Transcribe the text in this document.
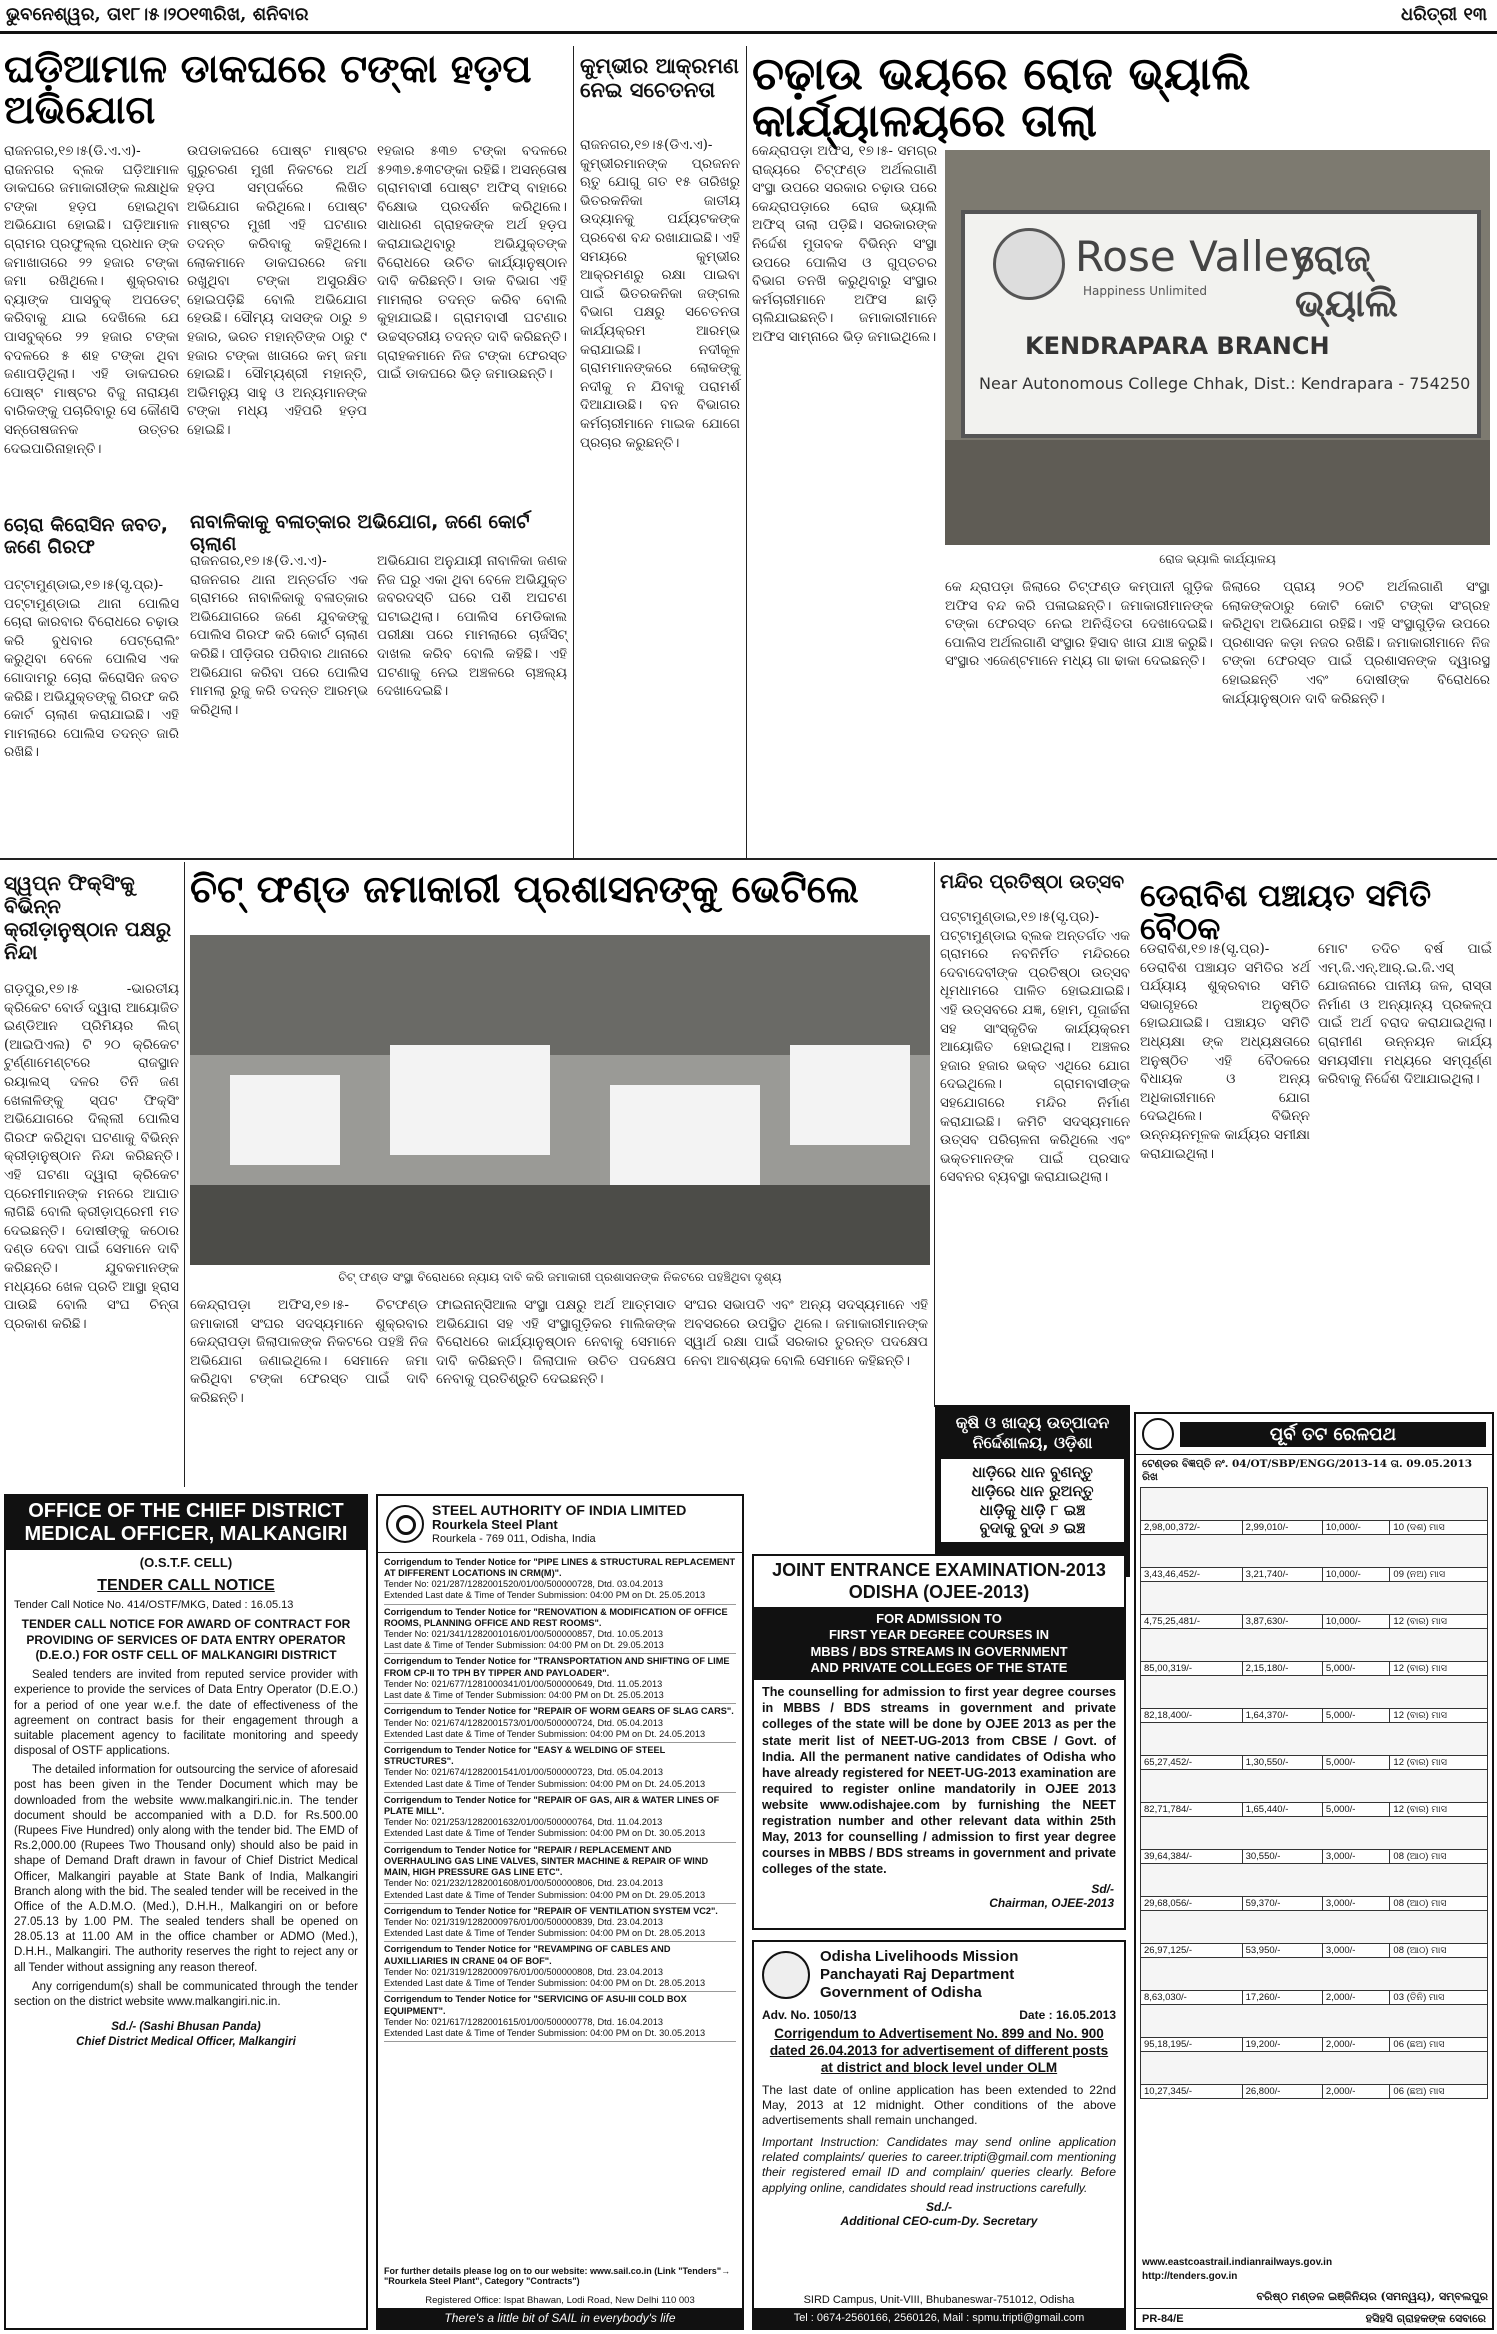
ଭୁବନେଶ୍ୱର, ତା୧୮।୫।୨୦୧୩ରିଖ, ଶନିବାର	ଧରିତ୍ରୀ ୧୩
ଘଡ଼ିଆମାଳ ଡାକଘରେ ଟଙ୍କା ହଡ଼ପ ଅଭିଯୋଗ
ରାଜନଗର,୧୭।୫(ଡି.ଏ.ଏ)- ରାଜନଗର ବ୍ଲକ ଘଡ଼ିଆମାଳ ଡାକଘରେ ଜମାକାରୀଙ୍କ ଲକ୍ଷାଧିକ ଟଙ୍କା ହଡ଼ପ ହୋଇଥିବା ଅଭିଯୋଗ ହୋଇଛି। ଘଡ଼ିଆମାଳ ଗ୍ରାମର ପ୍ରଫୁଲ୍ଲ ପ୍ରଧାନ ଙ୍କ ଜମାଖାତାରେ ୨୨ ହଜାର ଟଙ୍କା ଜମା ରଖିଥିଲେ। ଶୁକ୍ରବାର ବ୍ୟାଙ୍କ ପାସବୁକ୍ ଅପଡେଟ୍ କରିବାକୁ ଯାଇ ଦେଖିଲେ ଯେ ପାସବୁକ୍ରେ ୨୨ ହଜାର ଟଙ୍କା ବଦଳରେ ୫ ଶହ ଟଙ୍କା ଥିବା ଜଣାପଡ଼ିଥିଲା। ଏହି ଡାକଘରର ପୋଷ୍ଟ ମାଷ୍ଟର ବିଜୁ ନାରାୟଣ ବାରିକଙ୍କୁ ପଚାରିବାରୁ ସେ କୌଣସି ସନ୍ତୋଷଜନକ ଉତ୍ତର ଦେଇପାରିନାହାନ୍ତି।
ଉପଡାକଘରେ ପୋଷ୍ଟ ମାଷ୍ଟର ଗୁରୁଚରଣ ମୁଖୀ ନିକଟରେ ଅର୍ଥ ହଡ଼ପ ସମ୍ପର୍କରେ ଲିଖିତ ଅଭିଯୋଗ କରିଥିଲେ। ପୋଷ୍ଟ ମାଷ୍ଟର ମୁଖୀ ଏହି ଘଟଣାର ତଦନ୍ତ କରିବାକୁ କହିଥିଲେ। ଲୋକମାନେ ଡାକଘରରେ ଜମା ରଖୁଥିବା ଟଙ୍କା ଅସୁରକ୍ଷିତ ହୋଇପଡ଼ିଛି ବୋଲି ଅଭିଯୋଗ ହେଉଛି। ସୌମ୍ୟ ଦାସଙ୍କ ଠାରୁ ୭ ହଜାର, ଭରତ ମହାନ୍ତିଙ୍କ ଠାରୁ ୯ ହଜାର ଟଙ୍କା ଖାତାରେ କମ୍ ଜମା ହୋଇଛି। ସୌମ୍ୟଶ୍ରୀ ମହାନ୍ତି, ଅଭିମନ୍ୟୁ ସାହୁ ଓ ଅନ୍ୟମାନଙ୍କ ଟଙ୍କା ମଧ୍ୟ ଏହିପରି ହଡ଼ପ ହୋଇଛି।
୧ହଜାର ୫୩୭ ଟଙ୍କା ବଦଳରେ ୫୨୩୭.୫୩ଟଙ୍କା ରହିଛି। ଅସନ୍ତୋଷ ଗ୍ରାମବାସୀ ପୋଷ୍ଟ ଅଫିସ୍ ବାହାରେ ବିକ୍ଷୋଭ ପ୍ରଦର୍ଶନ କରିଥିଲେ। ସାଧାରଣ ଗ୍ରାହକଙ୍କ ଅର୍ଥ ହଡ଼ପ କରାଯାଇଥିବାରୁ ଅଭିଯୁକ୍ତଙ୍କ ବିରୋଧରେ ଉଚିତ କାର୍ଯ୍ୟାନୁଷ୍ଠାନ ଦାବି କରିଛନ୍ତି। ଡାକ ବିଭାଗ ଏହି ମାମଲାର ତଦନ୍ତ କରିବ ବୋଲି କୁହାଯାଇଛି। ଗ୍ରାମବାସୀ ଘଟଣାର ଉଚ୍ଚସ୍ତରୀୟ ତଦନ୍ତ ଦାବି କରିଛନ୍ତି। ଗ୍ରାହକମାନେ ନିଜ ଟଙ୍କା ଫେରସ୍ତ ପାଇଁ ଡାକଘରେ ଭିଡ଼ ଜମାଉଛନ୍ତି।
କୁମ୍ଭୀର ଆକ୍ରମଣ ନେଇ ସଚେତନତା
ରାଜନଗର,୧୭।୫(ଡିଏ.ଏ)- କୁମ୍ଭୀରମାନଙ୍କ ପ୍ରଜନନ ଋତୁ ଯୋଗୁ ଗତ ୧୫ ତାରିଖରୁ ଭିତରକନିକା ଜାତୀୟ ଉଦ୍ୟାନକୁ ପର୍ଯ୍ୟଟକଙ୍କ ପ୍ରବେଶ ବନ୍ଦ ରଖାଯାଇଛି। ଏହି ସମୟରେ କୁମ୍ଭୀର ଆକ୍ରମଣରୁ ରକ୍ଷା ପାଇବା ପାଇଁ ଭିତରକନିକା ଜଙ୍ଗଲ ବିଭାଗ ପକ୍ଷରୁ ସଚେତନତା କାର୍ଯ୍ୟକ୍ରମ ଆରମ୍ଭ କରାଯାଇଛି। ନଦୀକୂଳ ଗ୍ରାମମାନଙ୍କରେ ଲୋକଙ୍କୁ ନଦୀକୁ ନ ଯିବାକୁ ପରାମର୍ଶ ଦିଆଯାଉଛି। ବନ ବିଭାଗର କର୍ମଚାରୀମାନେ ମାଇକ ଯୋଗେ ପ୍ରଚାର କରୁଛନ୍ତି।
ଚଢ଼ାଉ ଭୟରେ ରୋଜ ଭ୍ୟାଲି କାର୍ଯ୍ୟାଳୟରେ ତାଲା
କେନ୍ଦ୍ରାପଡ଼ା ଅଫିସ, ୧୭।୫- ସମଗ୍ର ରାଜ୍ୟରେ ଚିଟ୍ଫଣ୍ଡ ଅର୍ଥଲଗାଣି ସଂସ୍ଥା ଉପରେ ସରକାର ଚଢ଼ାଉ ପରେ କେନ୍ଦ୍ରାପଡ଼ାରେ ରୋଜ ଭ୍ୟାଲି ଅଫିସ୍ ତାଲା ପଡ଼ିଛି। ସରକାରଙ୍କ ନିର୍ଦ୍ଦେଶ ମୁତାବକ ବିଭିନ୍ନ ସଂସ୍ଥା ଉପରେ ପୋଲିସ ଓ ଗୁପ୍ତଚର ବିଭାଗ ତନଖି କରୁଥିବାରୁ ସଂସ୍ଥାର କର୍ମଚାରୀମାନେ ଅଫିସ ଛାଡ଼ି ଚାଲିଯାଇଛନ୍ତି। ଜମାକାରୀମାନେ ଅଫିସ ସାମ୍ନାରେ ଭିଡ଼ ଜମାଇଥିଲେ।
Rose Valley
Happiness Unlimited
ରୋଜ୍ ଭ୍ୟାଲି
KENDRAPARA BRANCH
Near Autonomous College Chhak, Dist.: Kendrapara - 754250
ରୋଜ ଭ୍ୟାଲି କାର୍ଯ୍ୟାଳୟ
କେ ନ୍ଦ୍ରାପଡ଼ା ଜିଲାରେ ଚିଟ୍ଫଣ୍ଡ କମ୍ପାନୀ ଗୁଡ଼ିକ ଅଫିସ ବନ୍ଦ କରି ପଳାଇଛନ୍ତି। ଜମାକାରୀମାନଙ୍କ ଟଙ୍କା ଫେରସ୍ତ ନେଇ ଅନିଶ୍ଚିତତା ଦେଖାଦେଇଛି। ପୋଲିସ ଅର୍ଥଲଗାଣି ସଂସ୍ଥାର ହିସାବ ଖାତା ଯାଞ୍ଚ କରୁଛି। ସଂସ୍ଥାର ଏଜେଣ୍ଟମାନେ ମଧ୍ୟ ଗା ଢାକା ଦେଇଛନ୍ତି।
ଜିଲାରେ ପ୍ରାୟ ୨୦ଟି ଅର୍ଥଲଗାଣି ସଂସ୍ଥା ଲୋକଙ୍କଠାରୁ କୋଟି କୋଟି ଟଙ୍କା ସଂଗ୍ରହ କରିଥିବା ଅଭିଯୋଗ ରହିଛି। ଏହି ସଂସ୍ଥାଗୁଡ଼ିକ ଉପରେ ପ୍ରଶାସନ କଡ଼ା ନଜର ରଖିଛି। ଜମାକାରୀମାନେ ନିଜ ଟଙ୍କା ଫେରସ୍ତ ପାଇଁ ପ୍ରଶାସନଙ୍କ ଦ୍ୱାରସ୍ଥ ହୋଇଛନ୍ତି ଏବଂ ଦୋଷୀଙ୍କ ବିରୋଧରେ କାର୍ଯ୍ୟାନୁଷ୍ଠାନ ଦାବି କରିଛନ୍ତି।
ଚୋରା କିରୋସିନ ଜବତ, ଜଣେ ଗିରଫ
ନାବାଳିକାକୁ ବଳାତ୍କାର ଅଭିଯୋଗ, ଜଣେ କୋର୍ଟ ଚାଲାଣ
ରାଜନଗର,୧୭।୫(ଡି.ଏ.ଏ)- ରାଜନଗର ଥାନା ଅନ୍ତର୍ଗତ ଏକ ଗ୍ରାମରେ ନାବାଳିକାକୁ ବଳାତ୍କାର ଅଭିଯୋଗରେ ଜଣେ ଯୁବକଙ୍କୁ ପୋଲିସ ଗିରଫ କରି କୋର୍ଟ ଚାଲାଣ କରିଛି। ପୀଡ଼ିତାର ପରିବାର ଥାନାରେ ଅଭିଯୋଗ କରିବା ପରେ ପୋଲିସ ମାମଲା ରୁଜୁ କରି ତଦନ୍ତ ଆରମ୍ଭ କରିଥିଲା।
ଅଭିଯୋଗ ଅନୁଯାୟୀ ନାବାଳିକା ଜଣକ ନିଜ ଘରୁ ଏକା ଥିବା ବେଳେ ଅଭିଯୁକ୍ତ ଜବରଦସ୍ତି ଘରେ ପଶି ଅଘଟଣ ଘଟାଇଥିଲା। ପୋଲିସ ମେଡିକାଲ ପରୀକ୍ଷା ପରେ ମାମଲାରେ ଚାର୍ଜସିଟ୍ ଦାଖଲ କରିବ ବୋଲି କହିଛି। ଏହି ଘଟଣାକୁ ନେଇ ଅଞ୍ଚଳରେ ଚାଞ୍ଚଲ୍ୟ ଦେଖାଦେଇଛି।
ପଟ୍ଟାମୁଣ୍ଡାଇ,୧୭।୫(ସୃ.ପ୍ର)- ପଟ୍ଟାମୁଣ୍ଡାଇ ଥାନା ପୋଲିସ ଚୋରା କାରବାର ବିରୋଧରେ ଚଢ଼ାଉ କରି ବୁଧବାର ପେଟ୍ରୋଲିଂ କରୁଥିବା ବେଳେ ପୋଲିସ ଏକ ଗୋଦାମରୁ ଚୋରା କିରୋସିନ ଜବତ କରିଛି। ଅଭିଯୁକ୍ତଙ୍କୁ ଗିରଫ କରି କୋର୍ଟ ଚାଲାଣ କରାଯାଇଛି। ଏହି ମାମଲାରେ ପୋଲିସ ତଦନ୍ତ ଜାରି ରଖିଛି।
ସ୍ୱପ୍ନ ଫିକ୍ସିଂକୁ ବିଭିନ୍ନ କ୍ରୀଡ଼ାନୁଷ୍ଠାନ ପକ୍ଷରୁ ନିନ୍ଦା
ଗଡ଼ପୁର,୧୭।୫ -ଭାରତୀୟ କ୍ରିକେଟ ବୋର୍ଡ ଦ୍ୱାରା ଆୟୋଜିତ ଇଣ୍ଡିଆନ ପ୍ରିମିୟର ଲିଗ୍ (ଆଇପିଏଲ) ଟି ୨୦ କ୍ରିକେଟ ଟୁର୍ଣ୍ଣାମେଣ୍ଟରେ ରାଜସ୍ଥାନ ରୟାଲସ୍ ଦଳର ତିନି ଜଣ ଖେଳାଳିଙ୍କୁ ସ୍ପଟ ଫିକ୍ସିଂ ଅଭିଯୋଗରେ ଦିଲ୍ଲୀ ପୋଲିସ ଗିରଫ କରିଥିବା ଘଟଣାକୁ ବିଭିନ୍ନ କ୍ରୀଡ଼ାନୁଷ୍ଠାନ ନିନ୍ଦା କରିଛନ୍ତି। ଏହି ଘଟଣା ଦ୍ୱାରା କ୍ରିକେଟ ପ୍ରେମୀମାନଙ୍କ ମନରେ ଆଘାତ ଲାଗିଛି ବୋଲି କ୍ରୀଡ଼ାପ୍ରେମୀ ମତ ଦେଇଛନ୍ତି। ଦୋଷୀଙ୍କୁ କଠୋର ଦଣ୍ଡ ଦେବା ପାଇଁ ସେମାନେ ଦାବି କରିଛନ୍ତି। ଯୁବକମାନଙ୍କ ମଧ୍ୟରେ ଖେଳ ପ୍ରତି ଆସ୍ଥା ହ୍ରାସ ପାଉଛି ବୋଲି ସଂଘ ଚିନ୍ତା ପ୍ରକାଶ କରିଛି।
ଚିଟ୍ ଫଣ୍ଡ ଜମାକାରୀ ପ୍ରଶାସନଙ୍କୁ ଭେଟିଲେ
ଚିଟ୍ ଫଣ୍ଡ ସଂସ୍ଥା ବିରୋଧରେ ନ୍ୟାୟ ଦାବି କରି ଜମାକାରୀ ପ୍ରଶାସନଙ୍କ ନିକଟରେ ପହଞ୍ଚିଥିବା ଦୃଶ୍ୟ
କେନ୍ଦ୍ରାପଡ଼ା ଅଫିସ,୧୭।୫- ଚିଟଫଣ୍ଡ ଜମାକାରୀ ସଂଘର ସଦସ୍ୟମାନେ ଶୁକ୍ରବାର କେନ୍ଦ୍ରାପଡ଼ା ଜିଲାପାଳଙ୍କ ନିକଟରେ ପହଞ୍ଚି ନିଜ ଅଭିଯୋଗ ଜଣାଇଥିଲେ। ସେମାନେ ଜମା କରିଥିବା ଟଙ୍କା ଫେରସ୍ତ ପାଇଁ ଦାବି କରିଛନ୍ତି।
ଫାଇନାନ୍ସିଆଲ ସଂସ୍ଥା ପକ୍ଷରୁ ଅର୍ଥ ଆତ୍ମସାତ ଅଭିଯୋଗ ସହ ଏହି ସଂସ୍ଥାଗୁଡ଼ିକର ମାଲିକଙ୍କ ବିରୋଧରେ କାର୍ଯ୍ୟାନୁଷ୍ଠାନ ନେବାକୁ ସେମାନେ ଦାବି କରିଛନ୍ତି। ଜିଲାପାଳ ଉଚିତ ପଦକ୍ଷେପ ନେବାକୁ ପ୍ରତିଶ୍ରୁତି ଦେଇଛନ୍ତି।
ସଂଘର ସଭାପତି ଏବଂ ଅନ୍ୟ ସଦସ୍ୟମାନେ ଏହି ଅବସରରେ ଉପସ୍ଥିତ ଥିଲେ। ଜମାକାରୀମାନଙ୍କ ସ୍ୱାର୍ଥ ରକ୍ଷା ପାଇଁ ସରକାର ତୁରନ୍ତ ପଦକ୍ଷେପ ନେବା ଆବଶ୍ୟକ ବୋଲି ସେମାନେ କହିଛନ୍ତି।
ମନ୍ଦିର ପ୍ରତିଷ୍ଠା ଉତ୍ସବ
ପଟ୍ଟାମୁଣ୍ଡାଇ,୧୭।୫(ସୃ.ପ୍ର)- ପଟ୍ଟାମୁଣ୍ଡାଇ ବ୍ଲକ ଅନ୍ତର୍ଗତ ଏକ ଗ୍ରାମରେ ନବନିର୍ମିତ ମନ୍ଦିରରେ ଦେବାଦେବୀଙ୍କ ପ୍ରତିଷ୍ଠା ଉତ୍ସବ ଧୂମଧାମରେ ପାଳିତ ହୋଇଯାଇଛି। ଏହି ଉତ୍ସବରେ ଯଜ୍ଞ, ହୋମ, ପୂଜାର୍ଚ୍ଚନା ସହ ସାଂସ୍କୃତିକ କାର୍ଯ୍ୟକ୍ରମ ଆୟୋଜିତ ହୋଇଥିଲା। ଅଞ୍ଚଳର ହଜାର ହଜାର ଭକ୍ତ ଏଥିରେ ଯୋଗ ଦେଇଥିଲେ। ଗ୍ରାମବାସୀଙ୍କ ସହଯୋଗରେ ମନ୍ଦିର ନିର୍ମାଣ କରାଯାଇଛି। କମିଟି ସଦସ୍ୟମାନେ ଉତ୍ସବ ପରିଚାଳନା କରିଥିଲେ ଏବଂ ଭକ୍ତମାନଙ୍କ ପାଇଁ ପ୍ରସାଦ ସେବନର ବ୍ୟବସ୍ଥା କରାଯାଇଥିଲା।
ଡେରାବିଶ ପଞ୍ଚାୟତ ସମିତି ବୈଠକ
ଡେରାବିଶ,୧୭।୫(ସୃ.ପ୍ର)- ଡେରାବିଶ ପଞ୍ଚାୟତ ସମିତିର ୪ର୍ଥ ପର୍ଯ୍ୟାୟ ଶୁକ୍ରବାର ସମିତି ସଭାଗୃହରେ ଅନୁଷ୍ଠିତ ହୋଇଯାଇଛି। ପଞ୍ଚାୟତ ସମିତି ଅଧ୍ୟକ୍ଷା ଙ୍କ ଅଧ୍ୟକ୍ଷତାରେ ଅନୁଷ୍ଠିତ ଏହି ବୈଠକରେ ବିଧାୟକ ଓ ଅନ୍ୟ ଅଧିକାରୀମାନେ ଯୋଗ ଦେଇଥିଲେ। ବିଭିନ୍ନ ଉନ୍ନୟନମୂଳକ କାର୍ଯ୍ୟର ସମୀକ୍ଷା କରାଯାଇଥିଲା।
ମୋଟ ତଦିଚ ବର୍ଷ ପାଇଁ ଏମ୍.ଜି.ଏନ୍.ଆର୍.ଇ.ଜି.ଏସ୍ ଯୋଜନାରେ ପାନୀୟ ଜଳ, ରାସ୍ତା ନିର୍ମାଣ ଓ ଅନ୍ୟାନ୍ୟ ପ୍ରକଳ୍ପ ପାଇଁ ଅର୍ଥ ବରାଦ କରାଯାଇଥିଲା। ଗ୍ରାମୀଣ ଉନ୍ନୟନ କାର୍ଯ୍ୟ ସମୟସୀମା ମଧ୍ୟରେ ସମ୍ପୂର୍ଣ୍ଣ କରିବାକୁ ନିର୍ଦ୍ଦେଶ ଦିଆଯାଇଥିଲା।
କୃଷି ଓ ଖାଦ୍ୟ ଉତ୍ପାଦନ
ନିର୍ଦ୍ଦେଶାଳୟ, ଓଡ଼ିଶା
ଧାଡ଼ିରେ ଧାନ ବୁଣନ୍ତୁ
ଧାଡ଼ିରେ ଧାନ ରୁଅନ୍ତୁ
ଧାଡ଼ିକୁ ଧାଡ଼ି ୮ ଇଞ୍ଚ
ବୁଦାକୁ ବୁଦା ୬ ଇଞ୍ଚ
OFFICE OF THE CHIEF DISTRICT
MEDICAL OFFICER, MALKANGIRI
(O.S.T.F. CELL)
TENDER CALL NOTICE
Tender Call Notice No. 414/OSTF/MKG, Dated : 16.05.13
TENDER CALL NOTICE FOR AWARD OF CONTRACT FOR PROVIDING OF SERVICES OF DATA ENTRY OPERATOR (D.E.O.) FOR OSTF CELL OF MALKANGIRI DISTRICT

Sealed tenders are invited from reputed service provider with experience to provide the services of Data Entry Operator (D.E.O.) for a period of one year w.e.f. the date of effectiveness of the agreement on contract basis for their engagement through a suitable placement agency to facilitate monitoring and speedy disposal of OSTF applications.

The detailed information for outsourcing the service of aforesaid post has been given in the Tender Document which may be downloaded from the website www.malkangiri.nic.in. The tender document should be accompanied with a D.D. for Rs.500.00 (Rupees Five Hundred) only along with the tender bid. The EMD of Rs.2,000.00 (Rupees Two Thousand only) should also be paid in shape of Demand Draft drawn in favour of Chief District Medical Officer, Malkangiri payable at State Bank of India, Malkangiri Branch along with the bid. The sealed tender will be received in the Office of the A.D.M.O. (Med.), D.H.H., Malkangiri on or before 27.05.13 by 1.00 PM. The sealed tenders shall be opened on 28.05.13 at 11.00 AM in the office chamber or ADMO (Med.), D.H.H., Malkangiri. The authority reserves the right to reject any or all Tender without assigning any reason thereof.

Any corrigendum(s) shall be communicated through the tender section on the district website www.malkangiri.nic.in.

Sd./- (Sashi Bhusan Panda)
Chief District Medical Officer, Malkangiri
STEEL AUTHORITY OF INDIA LIMITED
Rourkela Steel Plant
Rourkela - 769 011, Odisha, India
Corrigendum to Tender Notice for "PIPE LINES & STRUCTURAL REPLACEMENT AT DIFFERENT LOCATIONS IN CRM(M)".
Tender No: 021/287/1282001520/01/00/500000728, Dtd. 03.04.2013
Extended Last date & Time of Tender Submission: 04:00 PM on Dt. 25.05.2013
Corrigendum to Tender Notice for "RENOVATION & MODIFICATION OF OFFICE ROOMS, PLANNING OFFICE AND REST ROOMS".
Tender No: 021/341/1282001016/01/00/500000857, Dtd. 10.05.2013
Last date & Time of Tender Submission: 04:00 PM on Dt. 29.05.2013
Corrigendum to Tender Notice for "TRANSPORTATION AND SHIFTING OF LIME FROM CP-II TO TPH BY TIPPER AND PAYLOADER".
Tender No: 021/677/1281000341/01/00/500000649, Dtd. 11.05.2013
Last date & Time of Tender Submission: 04:00 PM on Dt. 25.05.2013
Corrigendum to Tender Notice for "REPAIR OF WORM GEARS OF SLAG CARS".
Tender No: 021/674/1282001573/01/00/500000724, Dtd. 05.04.2013
Extended Last date & Time of Tender Submission: 04:00 PM on Dt. 24.05.2013
Corrigendum to Tender Notice for "EASY & WELDING OF STEEL STRUCTURES".
Tender No: 021/674/1282001541/01/00/500000723, Dtd. 05.04.2013
Extended Last date & Time of Tender Submission: 04:00 PM on Dt. 24.05.2013
Corrigendum to Tender Notice for "REPAIR OF GAS, AIR & WATER LINES OF PLATE MILL".
Tender No: 021/253/1282001632/01/00/500000764, Dtd. 11.04.2013
Extended Last date & Time of Tender Submission: 04:00 PM on Dt. 30.05.2013
Corrigendum to Tender Notice for "REPAIR / REPLACEMENT AND OVERHAULING GAS LINE VALVES, SINTER MACHINE & REPAIR OF WIND MAIN, HIGH PRESSURE GAS LINE ETC".
Tender No: 021/232/1282001608/01/00/500000806, Dtd. 23.04.2013
Extended Last date & Time of Tender Submission: 04:00 PM on Dt. 29.05.2013
Corrigendum to Tender Notice for "REPAIR OF VENTILATION SYSTEM VC2".
Tender No: 021/319/1282000976/01/00/500000839, Dtd. 23.04.2013
Extended Last date & Time of Tender Submission: 04:00 PM on Dt. 28.05.2013
Corrigendum to Tender Notice for "REVAMPING OF CABLES AND AUXILLIARIES IN CRANE 04 OF BOF".
Tender No: 021/319/1282000976/01/00/500000808, Dtd. 23.04.2013
Extended Last date & Time of Tender Submission: 04:00 PM on Dt. 28.05.2013
Corrigendum to Tender Notice for "SERVICING OF ASU-III COLD BOX EQUIPMENT".
Tender No: 021/617/1282001615/01/00/500000778, Dtd. 16.04.2013
Extended Last date & Time of Tender Submission: 04:00 PM on Dt. 30.05.2013
For further details please log on to our website: www.sail.co.in (Link "Tenders"→ "Rourkela Steel Plant", Category "Contracts")
Registered Office: Ispat Bhawan, Lodi Road, New Delhi 110 003
There's a little bit of SAIL in everybody's life
JOINT ENTRANCE EXAMINATION-2013
ODISHA (OJEE-2013)
FOR ADMISSION TO
FIRST YEAR DEGREE COURSES IN
MBBS / BDS STREAMS IN GOVERNMENT
AND PRIVATE COLLEGES OF THE STATE
The counselling for admission to first year degree courses in MBBS / BDS streams in government and private colleges of the state will be done by OJEE 2013 as per the state merit list of NEET-UG-2013 from CBSE / Govt. of India. All the permanent native candidates of Odisha who have already registered for NEET-UG-2013 examination are required to register online mandatorily in OJEE 2013 website www.odishajee.com by furnishing the NEET registration number and other relevant data within 25th May, 2013 for counselling / admission to first year degree courses in MBBS / BDS streams in government and private colleges of the state.
Sd/-
Chairman, OJEE-2013
Odisha Livelihoods Mission
Panchayati Raj Department
Government of Odisha
Adv. No. 1050/13	Date : 16.05.2013
Corrigendum to Advertisement No. 899 and No. 900 dated 26.04.2013 for advertisement of different posts at district and block level under OLM
The last date of online application has been extended to 22nd May, 2013 at 12 midnight. Other conditions of the above advertisements shall remain unchanged.
Important Instruction: Candidates may send online application related complaints/ queries to career.tripti@gmail.com mentioning their registered email ID and complain/ queries clearly. Before applying online, candidates should read instructions carefully.
Sd./-
Additional CEO-cum-Dy. Secretary
SIRD Campus, Unit-VIII, Bhubaneswar-751012, Odisha
Tel : 0674-2560166, 2560126, Mail : spmu.tripti@gmail.com
ପୂର୍ବ ତଟ ରେଳପଥ
ଟେଣ୍ଡର ବିଜ୍ଞପ୍ତି ନଂ. 04/OT/SBP/ENGG/2013-14 ତା. 09.05.2013 ରିଖ

2,98,00,372/-	2,99,010/-	10,000/-	10 (ଦଶ) ମାସ

3,43,46,452/-	3,21,740/-	10,000/-	09 (ନଅ) ମାସ

4,75,25,481/-	3,87,630/-	10,000/-	12 (ବାର) ମାସ

85,00,319/-	2,15,180/-	5,000/-	12 (ବାର) ମାସ

82,18,400/-	1,64,370/-	5,000/-	12 (ବାର) ମାସ

65,27,452/-	1,30,550/-	5,000/-	12 (ବାର) ମାସ

82,71,784/-	1,65,440/-	5,000/-	12 (ବାର) ମାସ

39,64,384/-	30,550/-	3,000/-	08 (ଆଠ) ମାସ

29,68,056/-	59,370/-	3,000/-	08 (ଆଠ) ମାସ

26,97,125/-	53,950/-	3,000/-	08 (ଆଠ) ମାସ

8,63,030/-	17,260/-	2,000/-	03 (ତିନି) ମାସ

95,18,195/-	19,200/-	2,000/-	06 (ଛଅ) ମାସ

10,27,345/-	26,800/-	2,000/-	06 (ଛଅ) ମାସ
www.eastcoastrail.indianrailways.gov.in
http://tenders.gov.in
ବରିଷ୍ଠ ମଣ୍ଡଳ ଇଞ୍ଜିନିୟର (ସମନ୍ୱୟ), ସମ୍ବଲପୁର
PR-84/E	ହସିହସି ଗ୍ରାହକଙ୍କ ସେବାରେ
